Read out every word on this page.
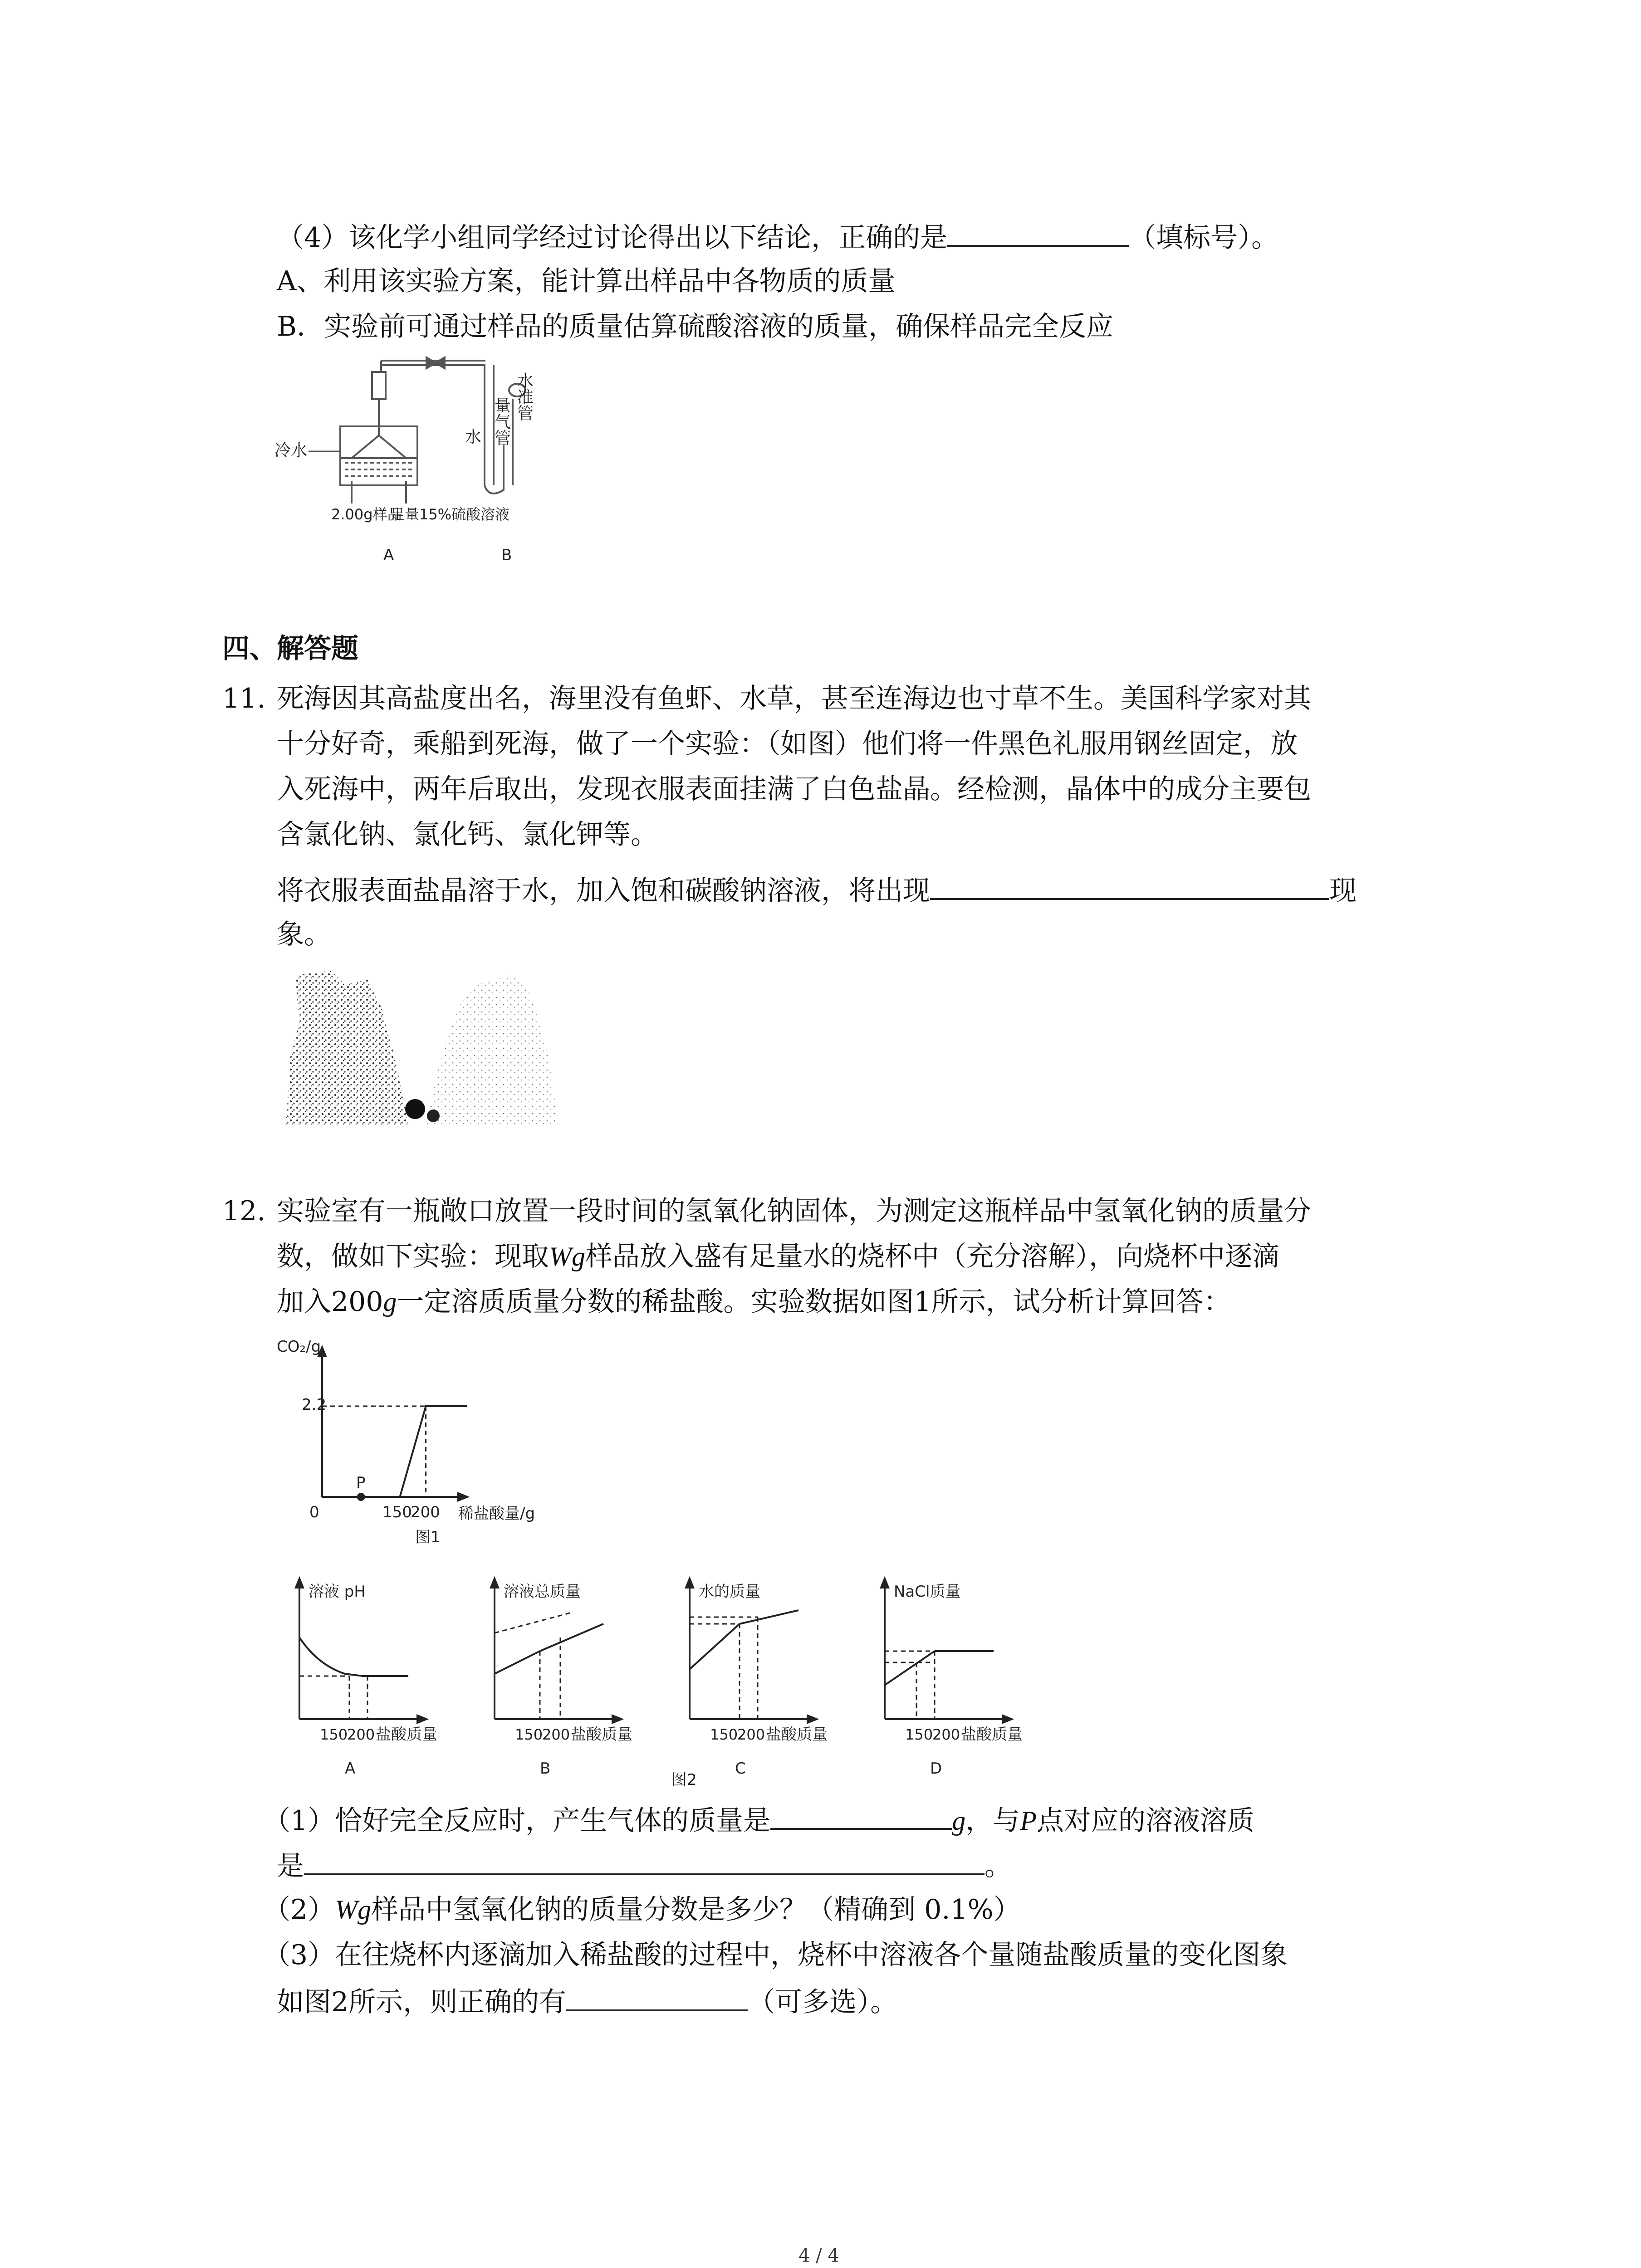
（4）该化学小组同学经过讨论得出以下结论，正确的是	（填标号）。
A、利用该实验方案，能计算出样品中各物质的质量
B．实验前可通过样品的质量估算硫酸溶液的质量，确保样品完全反应
水准管
量气管
水
冷水
2.00g样品
足量15%硫酸溶液
A	B
四、解答题
11. 死海因其高盐度出名，海里没有鱼虾、水草，甚至连海边也寸草不生。美国科学家对其
十分好奇，乘船到死海，做了一个实验：（如图）他们将一件黑色礼服用钢丝固定，放
入死海中，两年后取出，发现衣服表面挂满了白色盐晶。经检测，晶体中的成分主要包
含氯化钠、氯化钙、氯化钾等。
将衣服表面盐晶溶于水，加入饱和碳酸钠溶液，将出现	现
象。
12. 实验室有一瓶敞口放置一段时间的氢氧化钠固体，为测定这瓶样品中氢氧化钠的质量分
数，做如下实验：现取Wg样品放入盛有足量水的烧杯中（充分溶解），向烧杯中逐滴
加入200g一定溶质质量分数的稀盐酸。实验数据如图1所示，试分析计算回答：
CO₂/g
稀盐酸量/g
2.2
0	150
200
P
图1
溶液 pH
150
200 盐酸质量
A
溶液总质量
150
200 盐酸质量
B
水的质量
150
200 盐酸质量
C
NaCl质量
150
200 盐酸质量
D
图2
（1）恰好完全反应时，产生气体的质量是	g，与P点对应的溶液溶质
是	。
（2）Wg样品中氢氧化钠的质量分数是多少？（精确到 0.1%）
（3）在往烧杯内逐滴加入稀盐酸的过程中，烧杯中溶液各个量随盐酸质量的变化图象
如图2所示，则正确的有	（可多选）。
4 / 4
